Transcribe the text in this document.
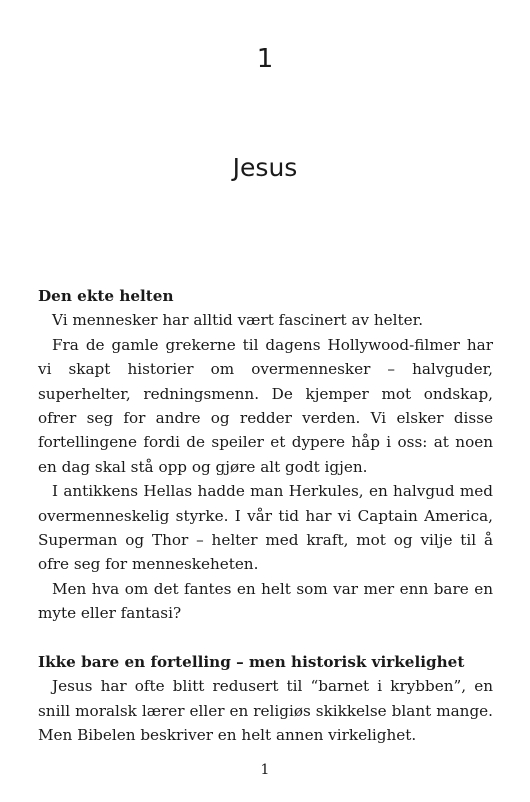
1
Jesus

Den ekte helten

Vi mennesker har alltid vært fascinert av helter.

Fra de gamle grekerne til dagens Hollywood-filmer har vi skapt historier om overmennesker – halvguder, superhelter, redningsmenn. De kjemper mot ondskap, ofrer seg for andre og redder verden. Vi elsker disse fortellingene fordi de speiler et dypere håp i oss: at noen en dag skal stå opp og gjøre alt godt igjen.

I antikkens Hellas hadde man Herkules, en halvgud med overmenneskelig styrke. I vår tid har vi Captain America, Superman og Thor – helter med kraft, mot og vilje til å ofre seg for menneskeheten.

Men hva om det fantes en helt som var mer enn bare en myte eller fantasi?

Ikke bare en fortelling – men historisk virkelighet

Jesus har ofte blitt redusert til “barnet i krybben”, en snill moralsk lærer eller en religiøs skikkelse blant mange. Men Bibelen beskriver en helt annen virkelighet.

1
